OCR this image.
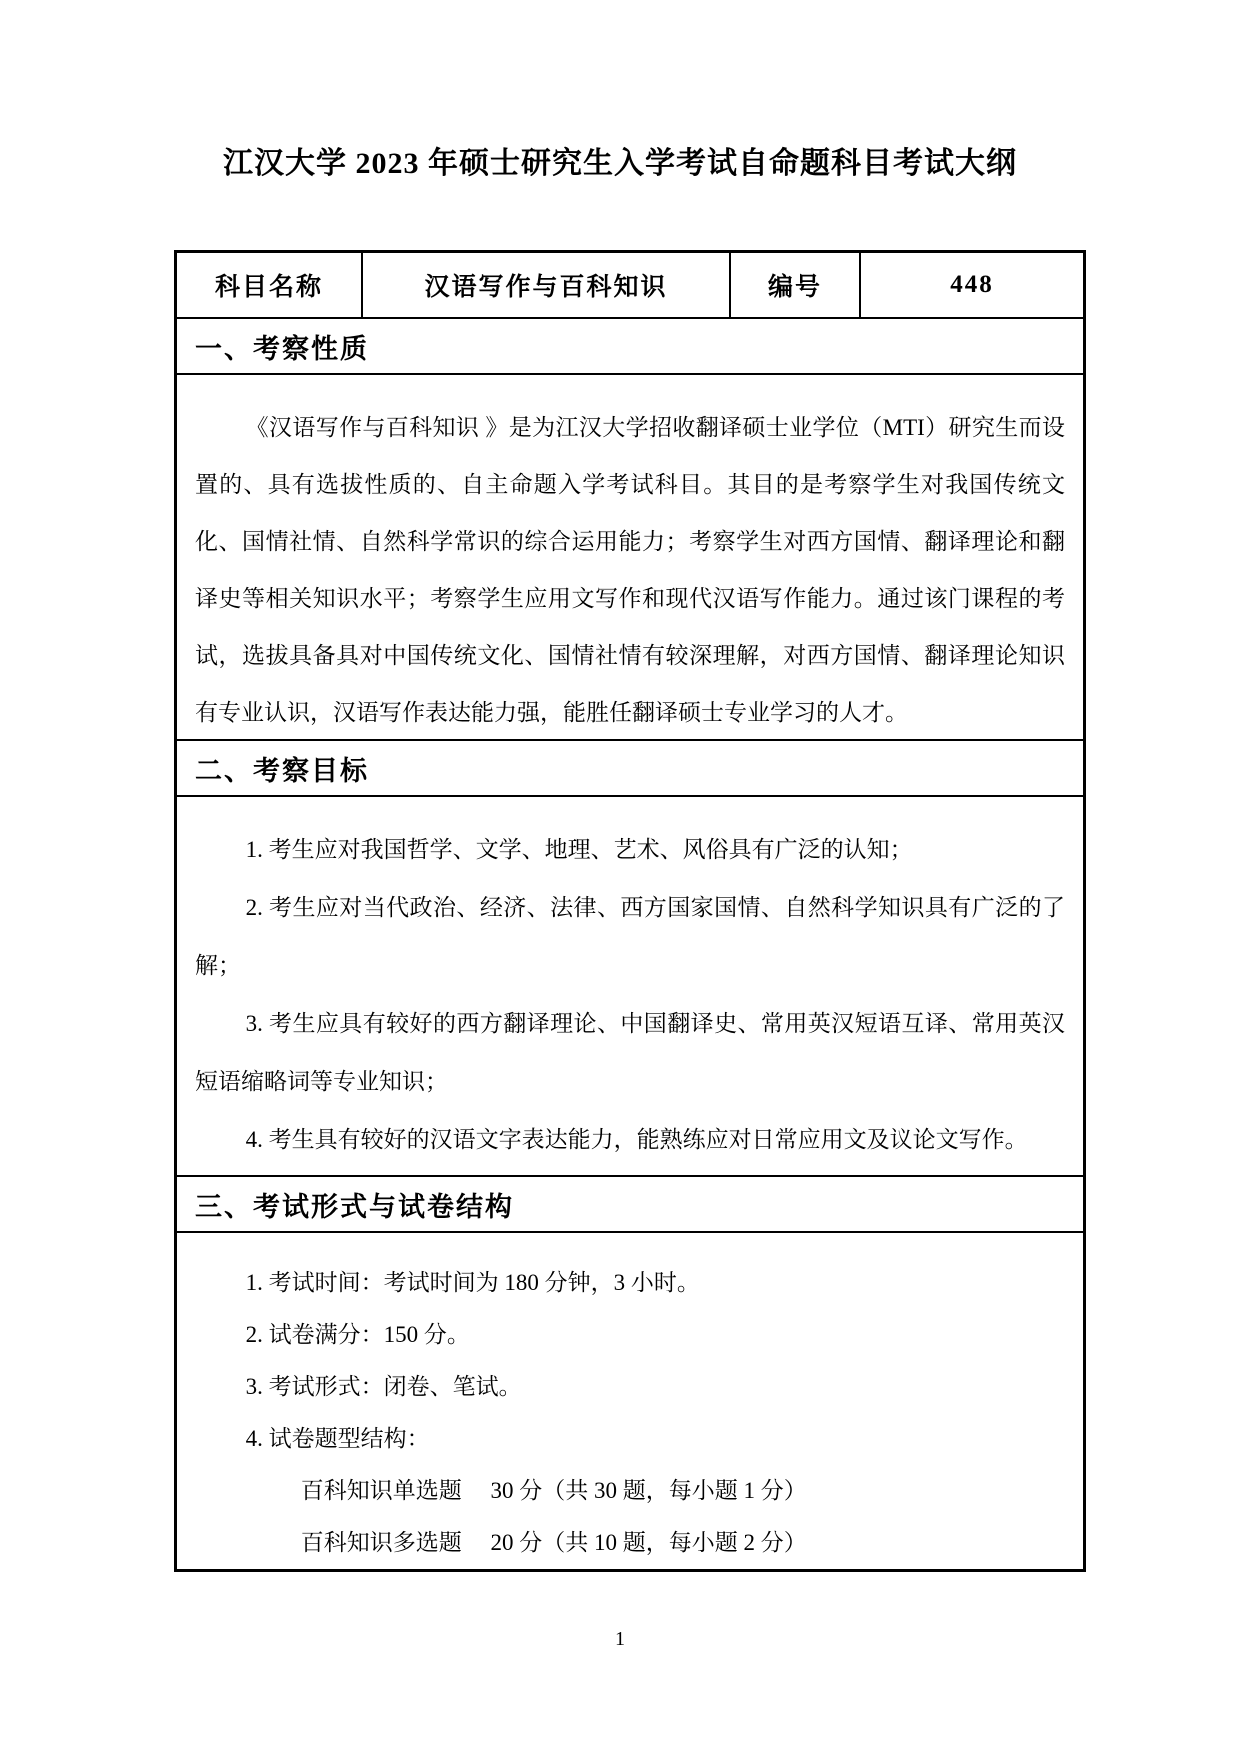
江汉大学 2023 年硕士研究生入学考试自命题科目考试大纲
科目名称	汉语写作与百科知识	编号	448
一、考察性质

《汉语写作与百科知识 》是为江汉大学招收翻译硕士业学位（MTI）研究生而设置的、具有选拔性质的、自主命题入学考试科目。其目的是考察学生对我国传统文化、国情社情、自然科学常识的综合运用能力；考察学生对西方国情、翻译理论和翻译史等相关知识水平；考察学生应用文写作和现代汉语写作能力。通过该门课程的考试，选拔具备具对中国传统文化、国情社情有较深理解，对西方国情、翻译理论知识有专业认识，汉语写作表达能力强，能胜任翻译硕士专业学习的人才。

二、考察目标

1. 考生应对我国哲学、文学、地理、艺术、风俗具有广泛的认知；

2. 考生应对当代政治、经济、法律、西方国家国情、自然科学知识具有广泛的了解；

3. 考生应具有较好的西方翻译理论、中国翻译史、常用英汉短语互译、常用英汉短语缩略词等专业知识；

4. 考生具有较好的汉语文字表达能力，能熟练应对日常应用文及议论文写作。

三、考试形式与试卷结构

1. 考试时间：考试时间为 180 分钟，3 小时。

2. 试卷满分：150 分。

3. 考试形式：闭卷、笔试。

4. 试卷题型结构：

百科知识单选题　 30 分（共 30 题，每小题 1 分）

百科知识多选题　 20 分（共 10 题，每小题 2 分）

1
